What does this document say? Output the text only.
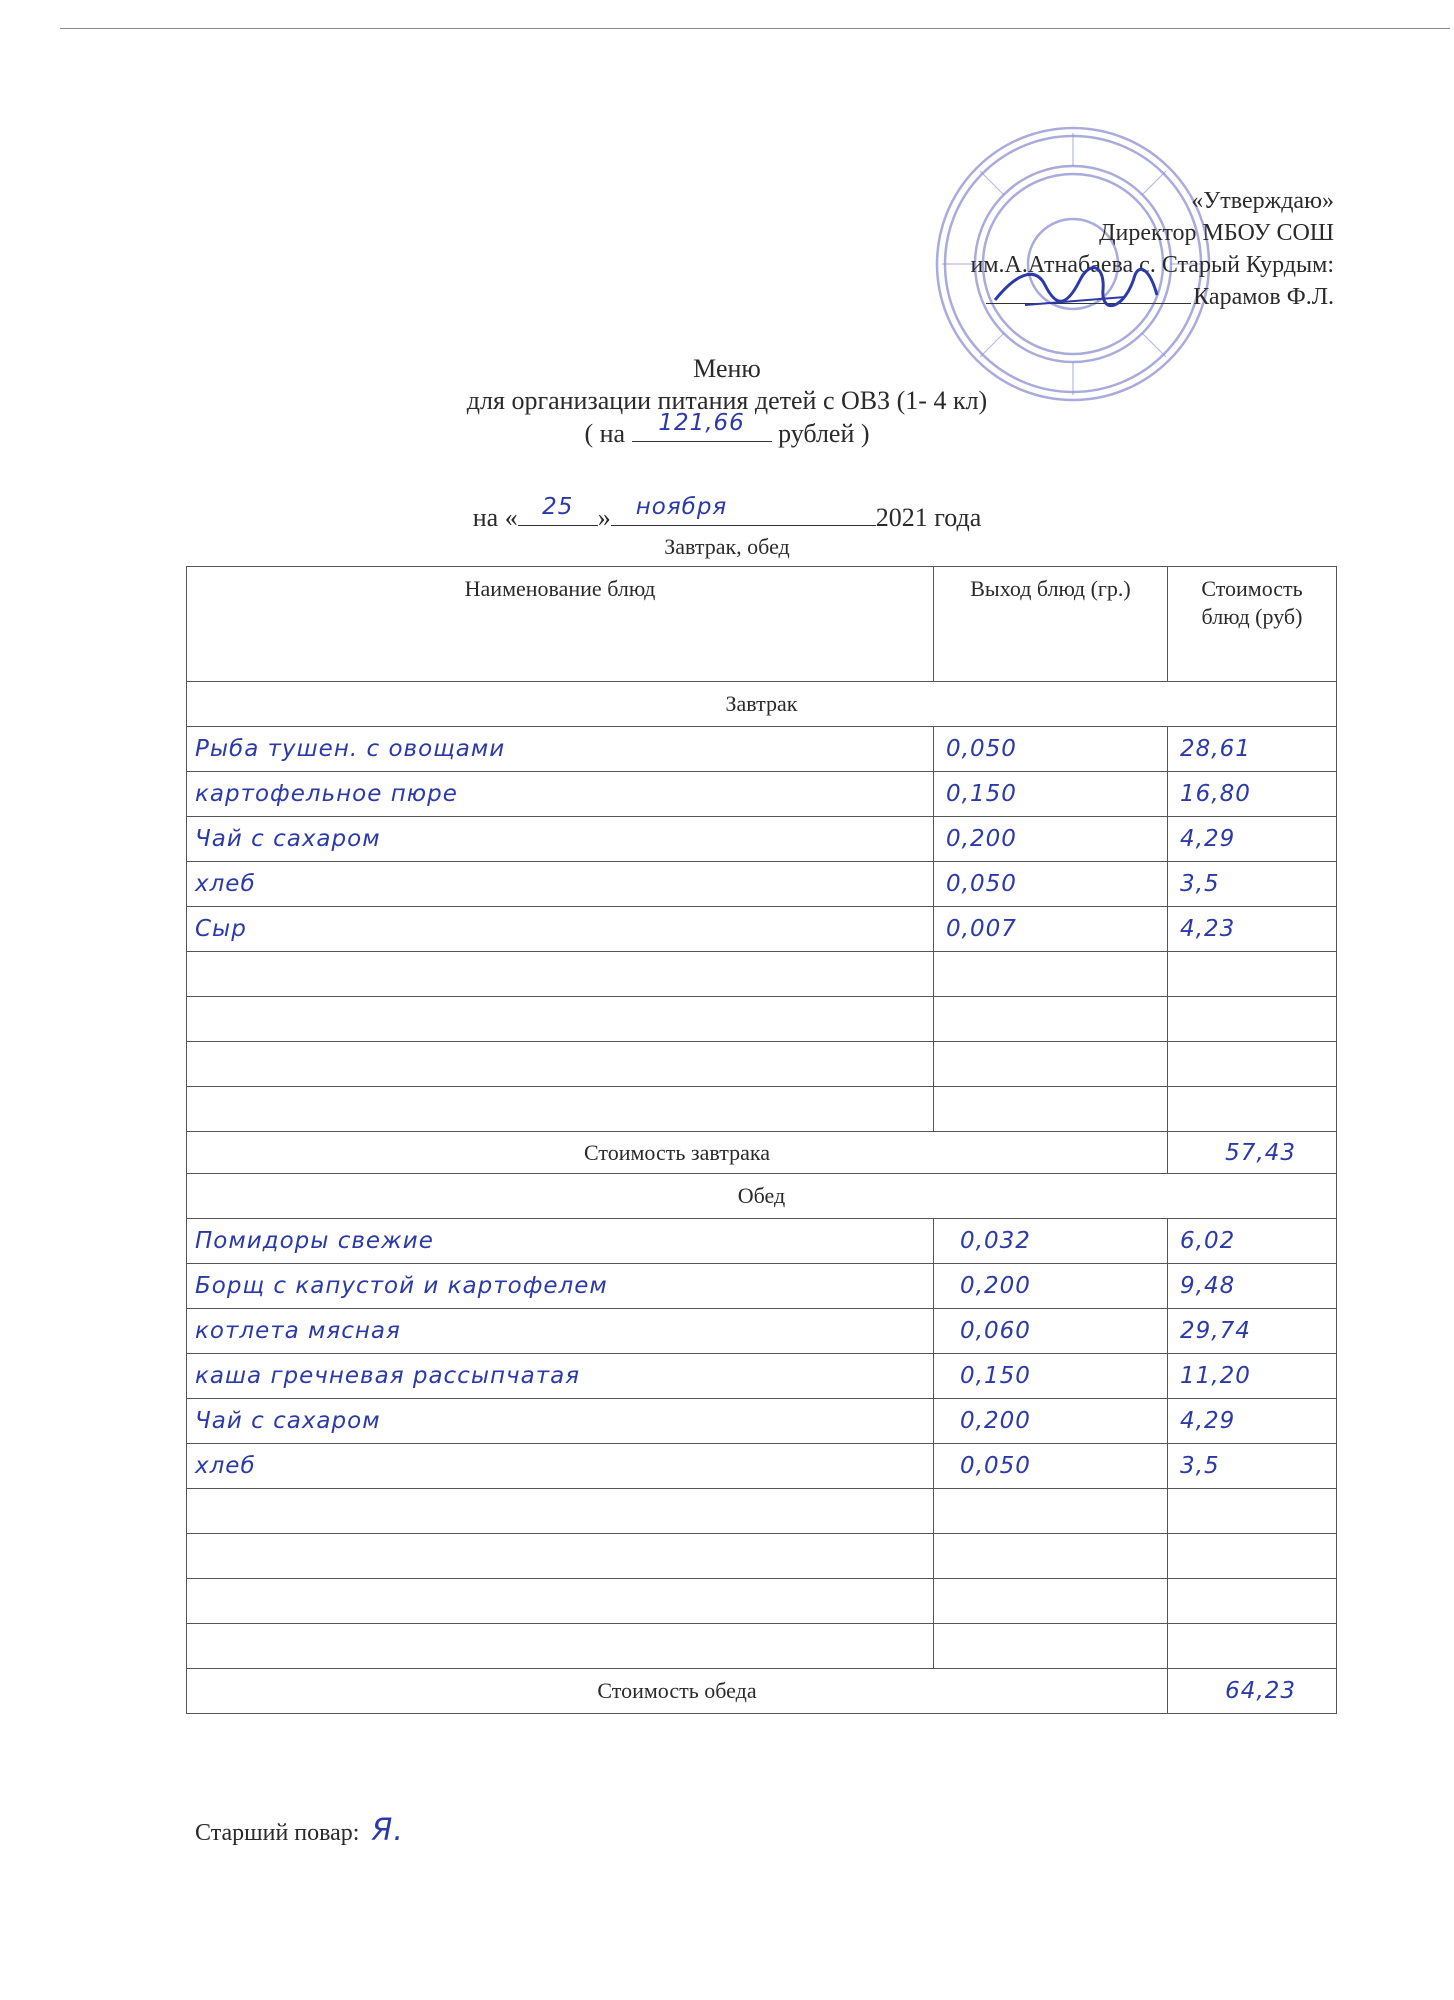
«Утверждаю»
Директор МБОУ СОШ
им.А.Атнабаева с. Старый Курдым:
Карамов Ф.Л.
Меню
для организации питания детей с ОВЗ (1- 4 кл)
( на	121,66	рублей )
на «	25 »	ноября	2021 года
Завтрак, обед
Наименование блюд	Выход блюд (гр.)	Стоимость блюд (руб)
Завтрак		
Рыба тушен. с овощами	0,050	28,61
картофельное пюре	0,150	16,80
Чай с сахаром	0,200	4,29
хлеб	0,050	3,5
Сыр	0,007	4,23

Стоимость завтрака		57,43
Обед		
Помидоры свежие	0,032	6,02
Борщ с капустой и картофелем	0,200	9,48
котлета мясная	0,060	29,74
каша гречневая рассыпчатая	0,150	11,20
Чай с сахаром	0,200	4,29
хлеб	0,050	3,5

Стоимость обеда		64,23
Старший повар: Я.
